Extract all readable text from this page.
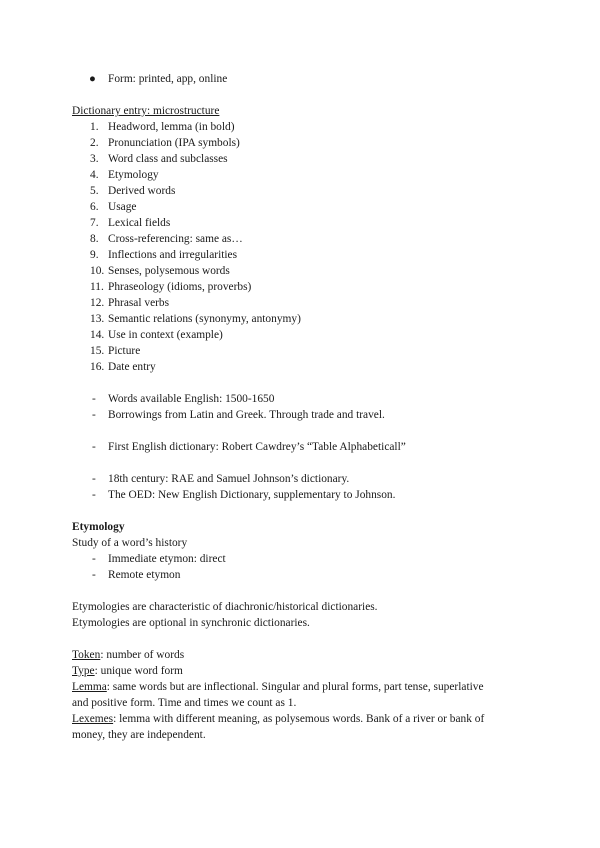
● Form: printed, app, online
Dictionary entry: microstructure
1. Headword, lemma (in bold)
2. Pronunciation (IPA symbols)
3. Word class and subclasses
4. Etymology
5. Derived words
6. Usage
7. Lexical fields
8. Cross-referencing: same as…
9. Inflections and irregularities
10. Senses, polysemous words
11. Phraseology (idioms, proverbs)
12. Phrasal verbs
13. Semantic relations (synonymy, antonymy)
14. Use in context (example)
15. Picture
16. Date entry
- Words available English: 1500-1650
- Borrowings from Latin and Greek. Through trade and travel.
- First English dictionary: Robert Cawdrey’s “Table Alphabeticall”
- 18th century: RAE and Samuel Johnson’s dictionary.
- The OED: New English Dictionary, supplementary to Johnson.
Etymology
Study of a word’s history
- Immediate etymon: direct
- Remote etymon
Etymologies are characteristic of diachronic/historical dictionaries.
Etymologies are optional in synchronic dictionaries.
Token: number of words
Type: unique word form
Lemma: same words but are inflectional. Singular and plural forms, part tense, superlative
and positive form. Time and times we count as 1.
Lexemes: lemma with different meaning, as polysemous words. Bank of a river or bank of
money, they are independent.
